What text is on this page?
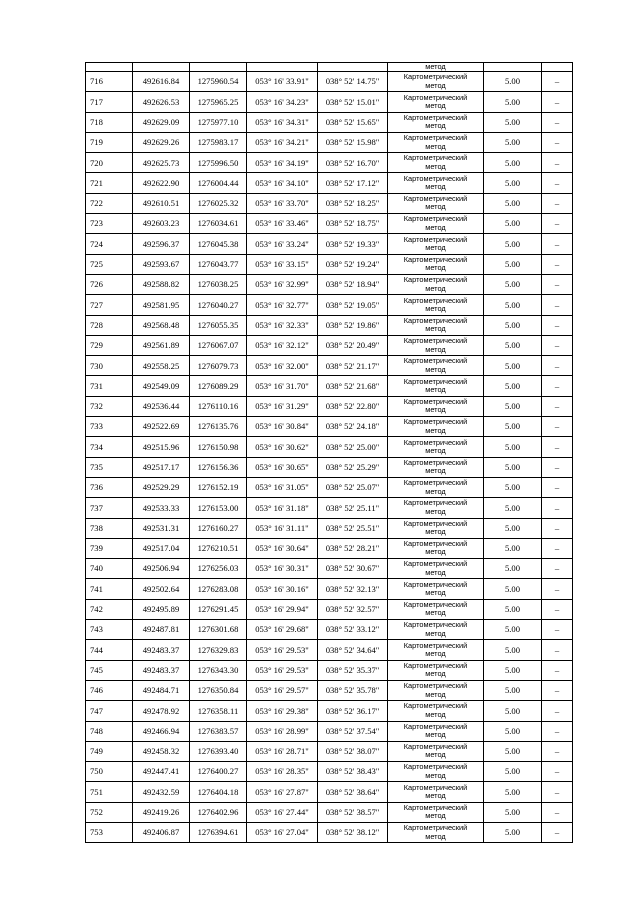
					метод		
716	492616.84	1275960.54	053° 16' 33.91"	038° 52' 14.75"	Картометрический
метод	5.00	–
717	492626.53	1275965.25	053° 16' 34.23"	038° 52' 15.01"	Картометрический
метод	5.00	–
718	492629.09	1275977.10	053° 16' 34.31"	038° 52' 15.65"	Картометрический
метод	5.00	–
719	492629.26	1275983.17	053° 16' 34.21"	038° 52' 15.98"	Картометрический
метод	5.00	–
720	492625.73	1275996.50	053° 16' 34.19"	038° 52' 16.70"	Картометрический
метод	5.00	–
721	492622.90	1276004.44	053° 16' 34.10"	038° 52' 17.12"	Картометрический
метод	5.00	–
722	492610.51	1276025.32	053° 16' 33.70"	038° 52' 18.25"	Картометрический
метод	5.00	–
723	492603.23	1276034.61	053° 16' 33.46"	038° 52' 18.75"	Картометрический
метод	5.00	–
724	492596.37	1276045.38	053° 16' 33.24"	038° 52' 19.33"	Картометрический
метод	5.00	–
725	492593.67	1276043.77	053° 16' 33.15"	038° 52' 19.24"	Картометрический
метод	5.00	–
726	492588.82	1276038.25	053° 16' 32.99"	038° 52' 18.94"	Картометрический
метод	5.00	–
727	492581.95	1276040.27	053° 16' 32.77"	038° 52' 19.05"	Картометрический
метод	5.00	–
728	492568.48	1276055.35	053° 16' 32.33"	038° 52' 19.86"	Картометрический
метод	5.00	–
729	492561.89	1276067.07	053° 16' 32.12"	038° 52' 20.49"	Картометрический
метод	5.00	–
730	492558.25	1276079.73	053° 16' 32.00"	038° 52' 21.17"	Картометрический
метод	5.00	–
731	492549.09	1276089.29	053° 16' 31.70"	038° 52' 21.68"	Картометрический
метод	5.00	–
732	492536.44	1276110.16	053° 16' 31.29"	038° 52' 22.80"	Картометрический
метод	5.00	–
733	492522.69	1276135.76	053° 16' 30.84"	038° 52' 24.18"	Картометрический
метод	5.00	–
734	492515.96	1276150.98	053° 16' 30.62"	038° 52' 25.00"	Картометрический
метод	5.00	–
735	492517.17	1276156.36	053° 16' 30.65"	038° 52' 25.29"	Картометрический
метод	5.00	–
736	492529.29	1276152.19	053° 16' 31.05"	038° 52' 25.07"	Картометрический
метод	5.00	–
737	492533.33	1276153.00	053° 16' 31.18"	038° 52' 25.11"	Картометрический
метод	5.00	–
738	492531.31	1276160.27	053° 16' 31.11"	038° 52' 25.51"	Картометрический
метод	5.00	–
739	492517.04	1276210.51	053° 16' 30.64"	038° 52' 28.21"	Картометрический
метод	5.00	–
740	492506.94	1276256.03	053° 16' 30.31"	038° 52' 30.67"	Картометрический
метод	5.00	–
741	492502.64	1276283.08	053° 16' 30.16"	038° 52' 32.13"	Картометрический
метод	5.00	–
742	492495.89	1276291.45	053° 16' 29.94"	038° 52' 32.57"	Картометрический
метод	5.00	–
743	492487.81	1276301.68	053° 16' 29.68"	038° 52' 33.12"	Картометрический
метод	5.00	–
744	492483.37	1276329.83	053° 16' 29.53"	038° 52' 34.64"	Картометрический
метод	5.00	–
745	492483.37	1276343.30	053° 16' 29.53"	038° 52' 35.37"	Картометрический
метод	5.00	–
746	492484.71	1276350.84	053° 16' 29.57"	038° 52' 35.78"	Картометрический
метод	5.00	–
747	492478.92	1276358.11	053° 16' 29.38"	038° 52' 36.17"	Картометрический
метод	5.00	–
748	492466.94	1276383.57	053° 16' 28.99"	038° 52' 37.54"	Картометрический
метод	5.00	–
749	492458.32	1276393.40	053° 16' 28.71"	038° 52' 38.07"	Картометрический
метод	5.00	–
750	492447.41	1276400.27	053° 16' 28.35"	038° 52' 38.43"	Картометрический
метод	5.00	–
751	492432.59	1276404.18	053° 16' 27.87"	038° 52' 38.64"	Картометрический
метод	5.00	–
752	492419.26	1276402.96	053° 16' 27.44"	038° 52' 38.57"	Картометрический
метод	5.00	–
753	492406.87	1276394.61	053° 16' 27.04"	038° 52' 38.12"	Картометрический
метод	5.00	–
